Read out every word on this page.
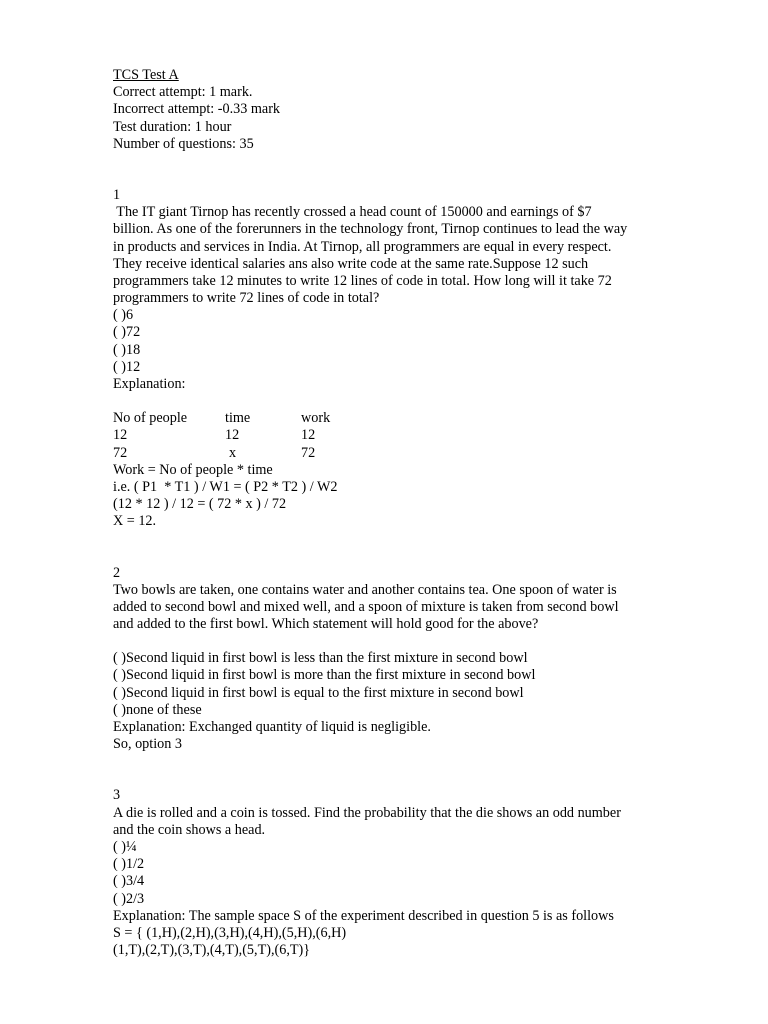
TCS Test A
Correct attempt: 1 mark.
Incorrect attempt: -0.33 mark
Test duration: 1 hour
Number of questions: 35
1
The IT giant Tirnop has recently crossed a head count of 150000 and earnings of $7
billion. As one of the forerunners in the technology front, Tirnop continues to lead the way
in products and services in India. At Tirnop, all programmers are equal in every respect.
They receive identical salaries ans also write code at the same rate.Suppose 12 such
programmers take 12 minutes to write 12 lines of code in total. How long will it take 72
programmers to write 72 lines of code in total?
( )6
( )72
( )18
( )12
Explanation:
No of people	time	work
12	12	12
72	x	72
Work = No of people * time
i.e. ( P1  * T1 ) / W1 = ( P2 * T2 ) / W2
(12 * 12 ) / 12 = ( 72 * x ) / 72
X = 12.
2
Two bowls are taken, one contains water and another contains tea. One spoon of water is
added to second bowl and mixed well, and a spoon of mixture is taken from second bowl
and added to the first bowl. Which statement will hold good for the above?
( )Second liquid in first bowl is less than the first mixture in second bowl
( )Second liquid in first bowl is more than the first mixture in second bowl
( )Second liquid in first bowl is equal to the first mixture in second bowl
( )none of these
Explanation: Exchanged quantity of liquid is negligible.
So, option 3
3
A die is rolled and a coin is tossed. Find the probability that the die shows an odd number
and the coin shows a head.
( )¼
( )1/2
( )3/4
( )2/3
Explanation: The sample space S of the experiment described in question 5 is as follows
S = { (1,H),(2,H),(3,H),(4,H),(5,H),(6,H)
(1,T),(2,T),(3,T),(4,T),(5,T),(6,T)}
